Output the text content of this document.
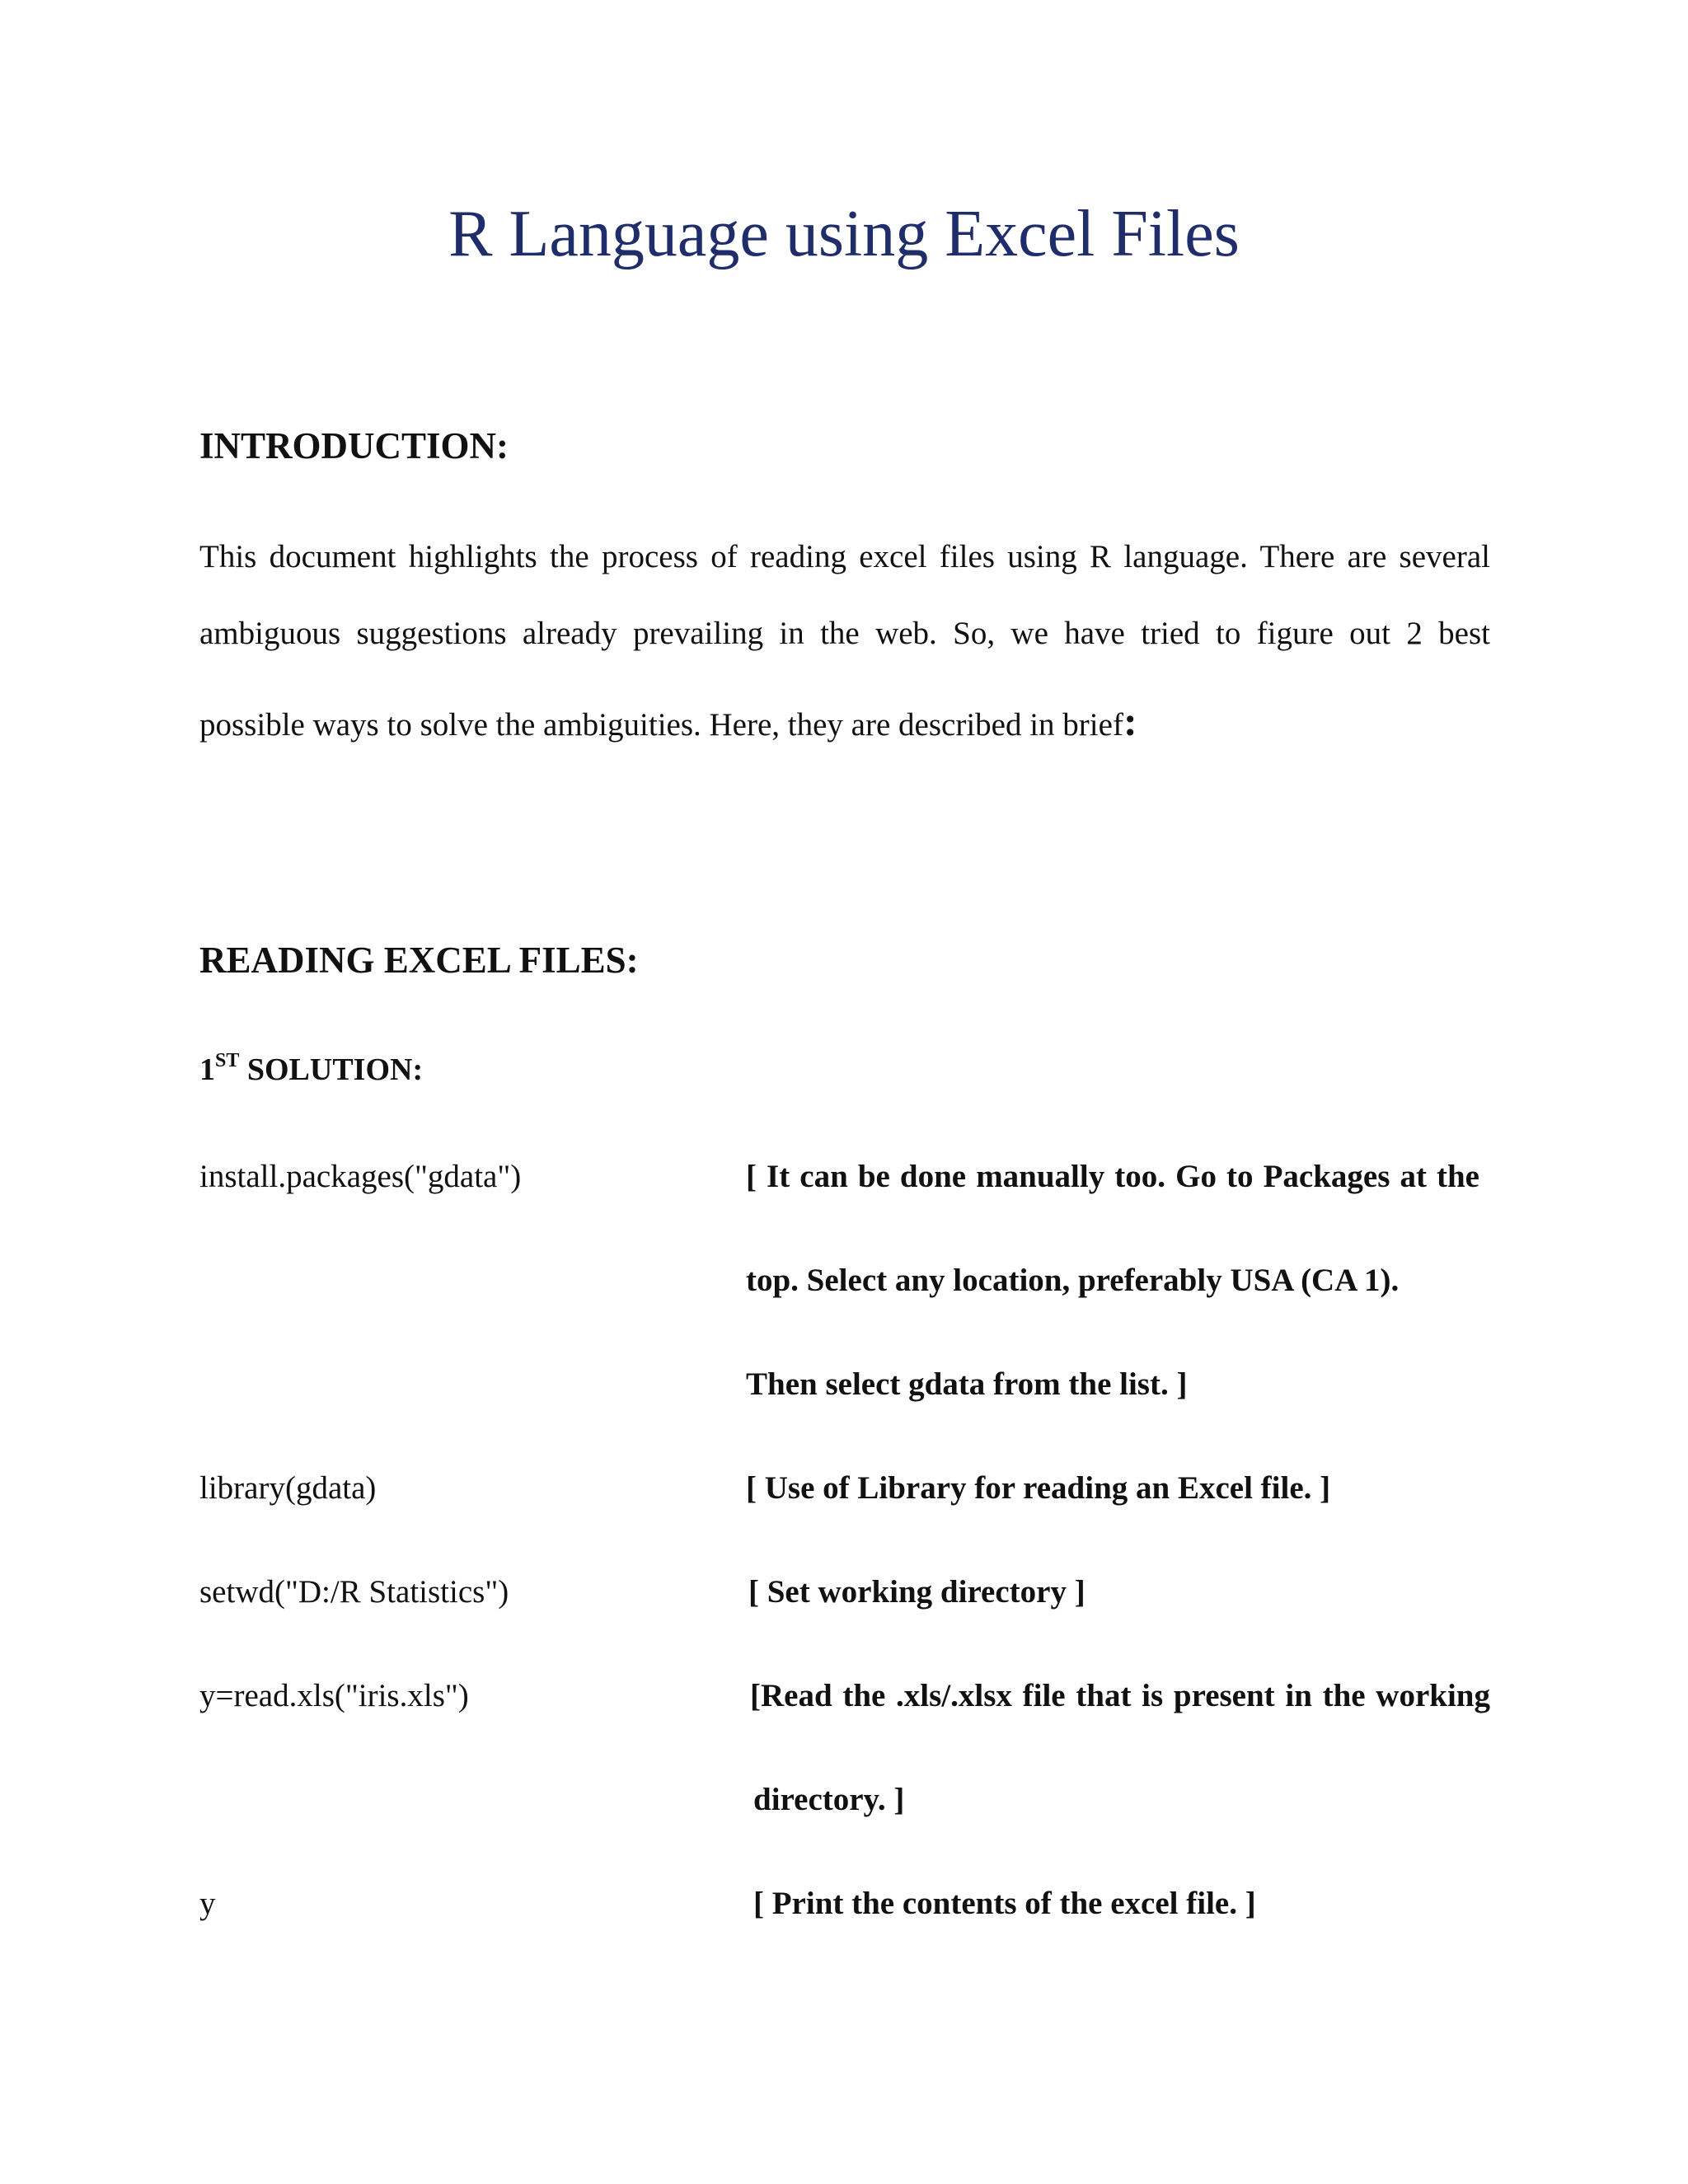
R Language using Excel Files
INTRODUCTION:
This document highlights the process of reading excel files using R language. There are several
ambiguous suggestions already prevailing in the web. So, we have tried to figure out 2 best
possible ways to solve the ambiguities. Here, they are described in brief:
READING EXCEL FILES:
1ST SOLUTION:
install.packages("gdata")	[ It can be done manually too. Go to Packages at the
top. Select any location, preferably USA (CA 1).
Then select gdata from the list. ]
library(gdata)	[ Use of Library for reading an Excel file. ]
setwd("D:/R Statistics")	[ Set working directory ]
y=read.xls("iris.xls")	[Read the .xls/.xlsx file that is present in the working
directory. ]
y	[ Print the contents of the excel file. ]
